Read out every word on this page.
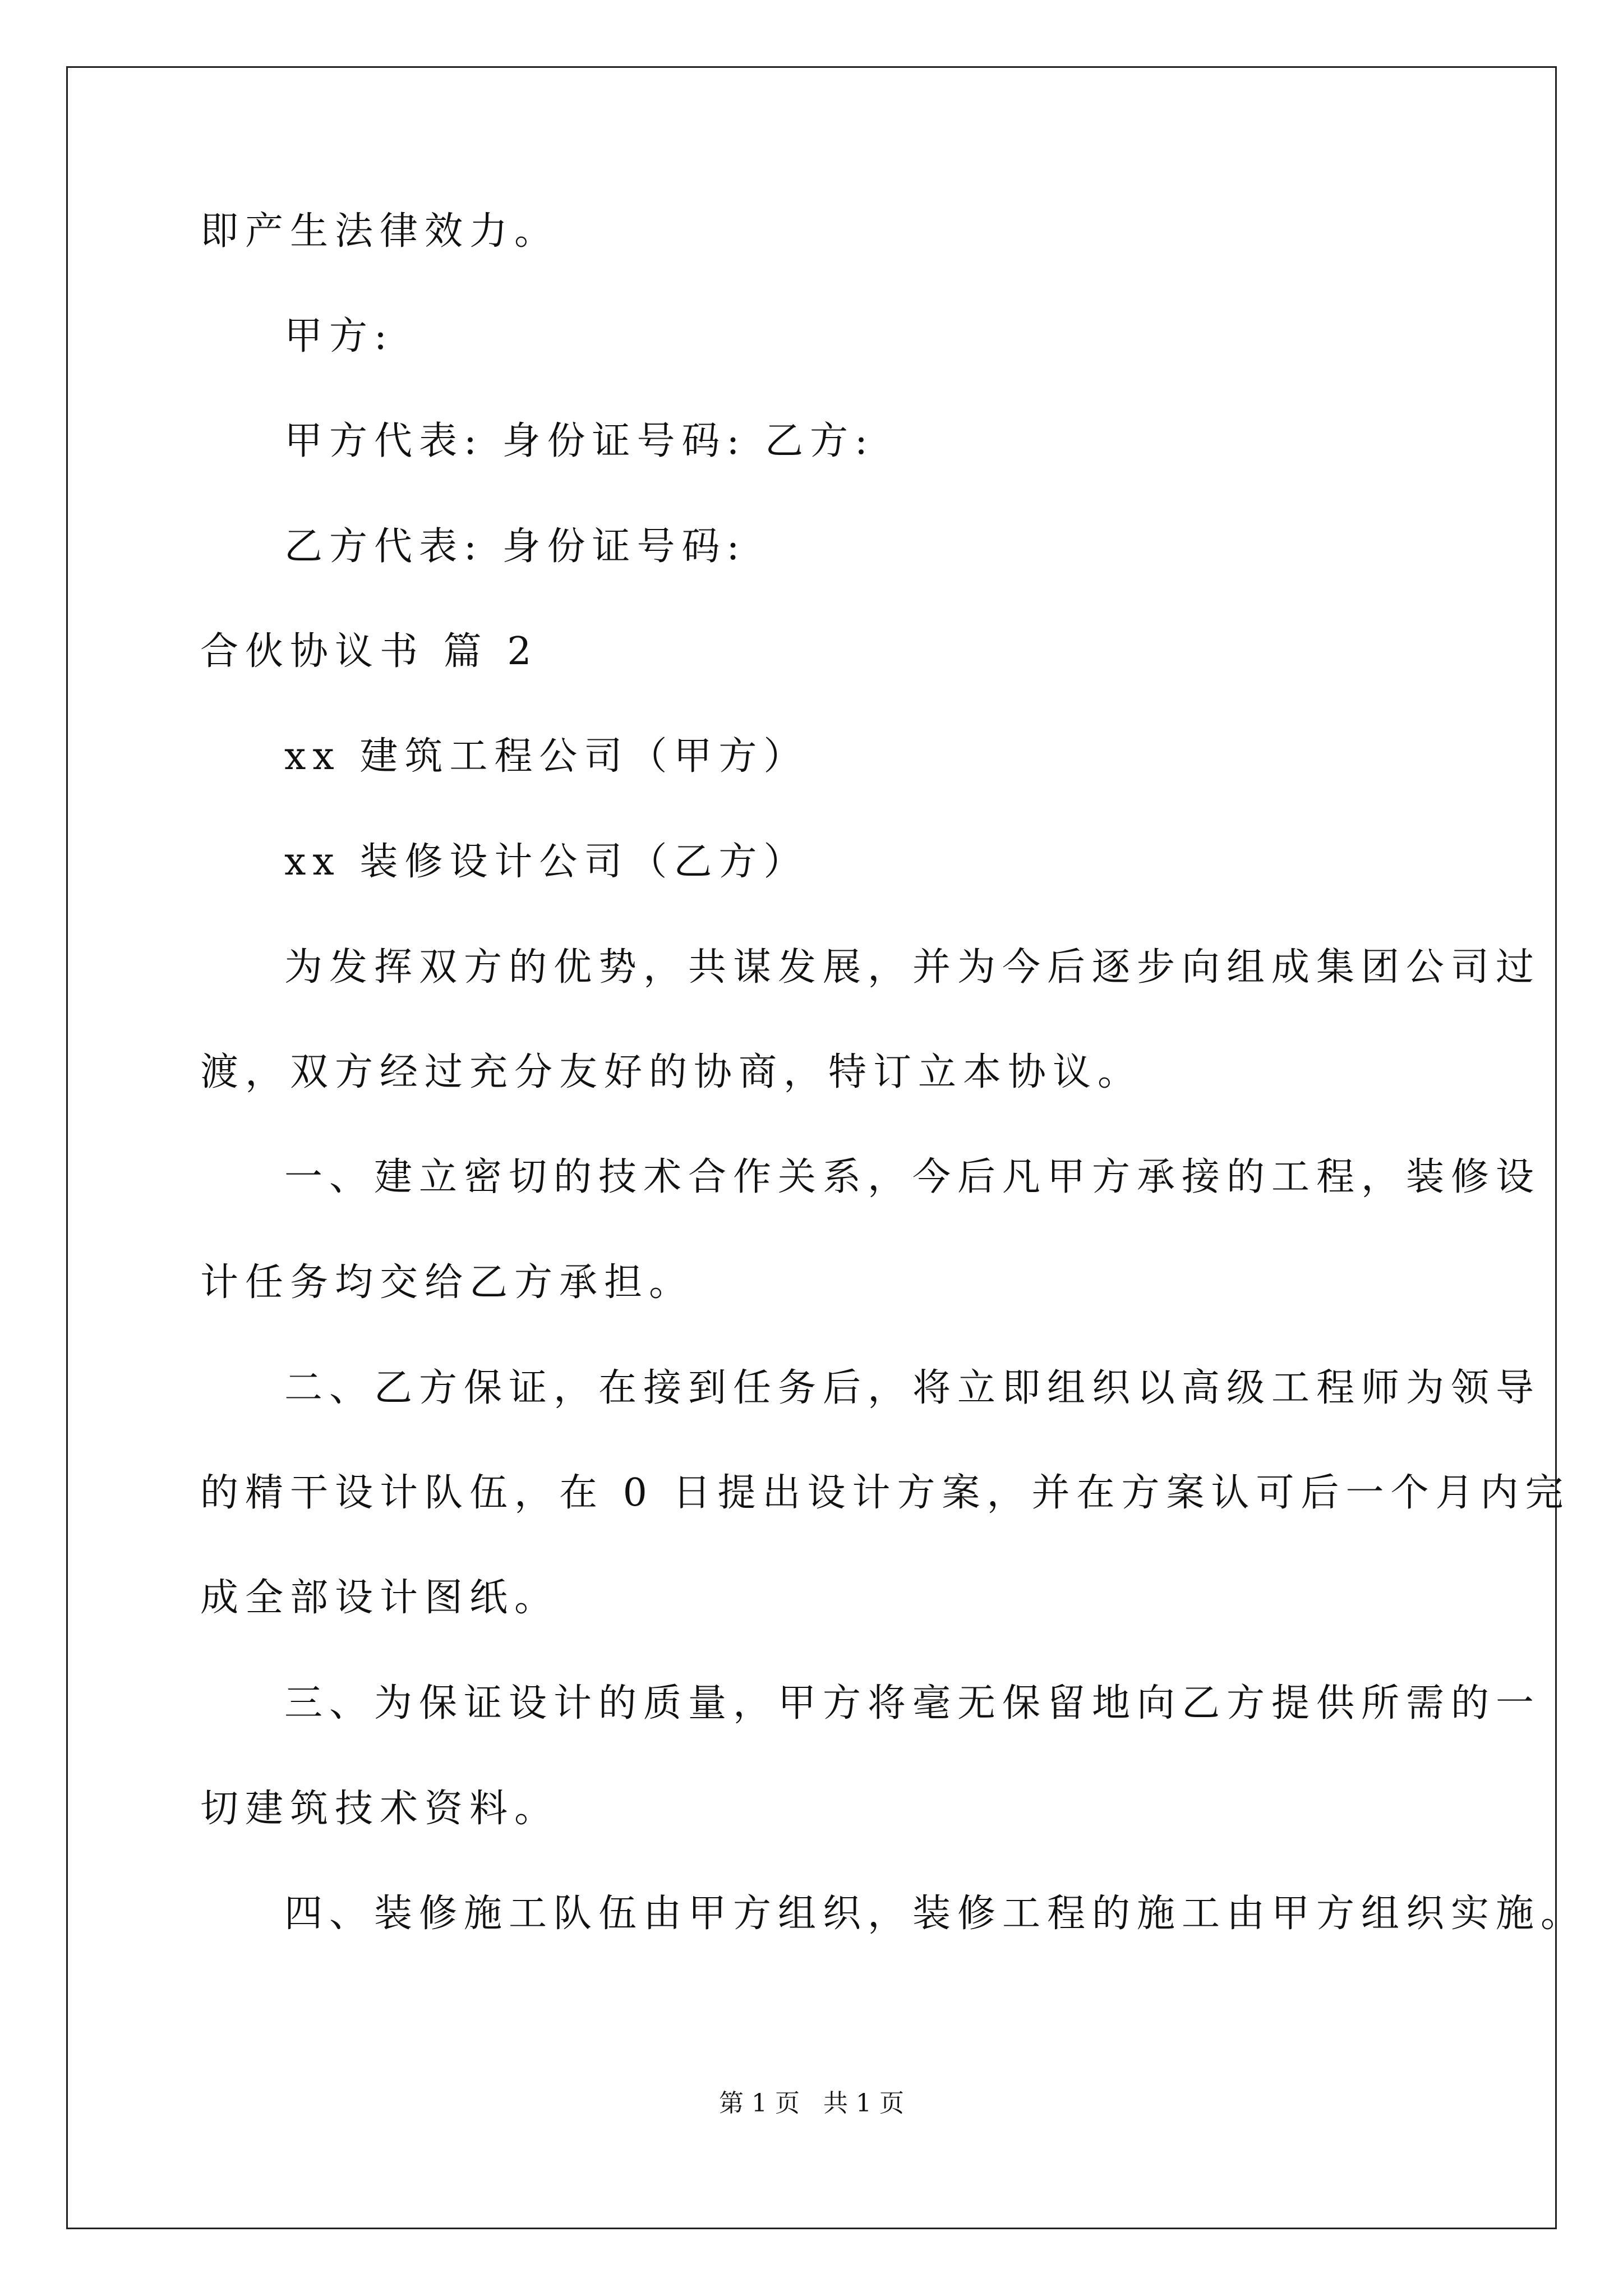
即产生法律效力。
甲方:
甲方代表: 身份证号码: 乙方:
乙方代表: 身份证号码:
合伙协议书 篇 2
xx 建筑工程公司（甲方）
xx 装修设计公司（乙方）
为发挥双方的优势，共谋发展，并为今后逐步向组成集团公司过
渡，双方经过充分友好的协商，特订立本协议。
一、建立密切的技术合作关系，今后凡甲方承接的工程，装修设
计任务均交给乙方承担。
二、乙方保证，在接到任务后，将立即组织以高级工程师为领导
的精干设计队伍，在 0 日提出设计方案，并在方案认可后一个月内完
成全部设计图纸。
三、为保证设计的质量，甲方将毫无保留地向乙方提供所需的一
切建筑技术资料。
四、装修施工队伍由甲方组织，装修工程的施工由甲方组织实施。
第 1 页 共 1 页
